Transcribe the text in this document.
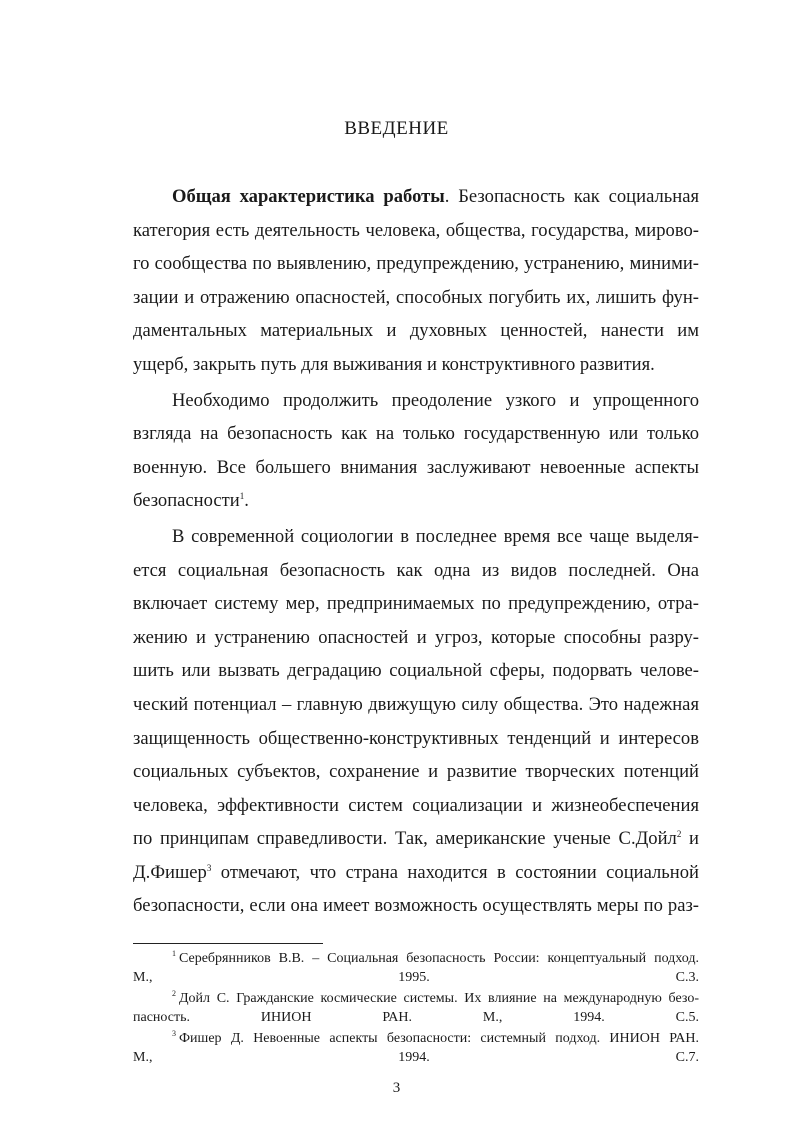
ВВЕДЕНИЕ

Общая характеристика работы. Безопасность как социальная
категория есть деятельность человека, общества, государства, мирово-
го сообщества по выявлению, предупреждению, устранению, миними-
зации и отражению опасностей, способных погубить их, лишить фун-
даментальных материальных и духовных ценностей, нанести им
ущерб, закрыть путь для выживания и конструктивного развития.

Необходимо продолжить преодоление узкого и упрощенного
взгляда на безопасность как на только государственную или только
военную. Все большего внимания заслуживают невоенные аспекты
безопасности$^1$.

В современной социологии в последнее время все чаще выделя-
ется социальная безопасность как одна из видов последней. Она
включает систему мер, предпринимаемых по предупреждению, отра-
жению и устранению опасностей и угроз, которые способны разру-
шить или вызвать деградацию социальной сферы, подорвать челове-
ческий потенциал – главную движущую силу общества. Это надежная
защищенность общественно-конструктивных тенденций и интересов
социальных субъектов, сохранение и развитие творческих потенций
человека, эффективности систем социализации и жизнеобеспечения
по принципам справедливости. Так, американские ученые С.Дойл$^2$ и
Д.Фишер$^3$ отмечают, что страна находится в состоянии социальной
безопасности, если она имеет возможность осуществлять меры по раз-

$^1$ Серебрянников В.В. – Социальная безопасность России: концептуальный подход.
М., 1995. С.3.
$^2$ Дойл С. Гражданские космические системы. Их влияние на международную безо-
пасность. ИНИОН РАН. М., 1994. С.5.
$^3$ Фишер Д. Невоенные аспекты безопасности: системный подход. ИНИОН РАН.
М., 1994. С.7.
3
